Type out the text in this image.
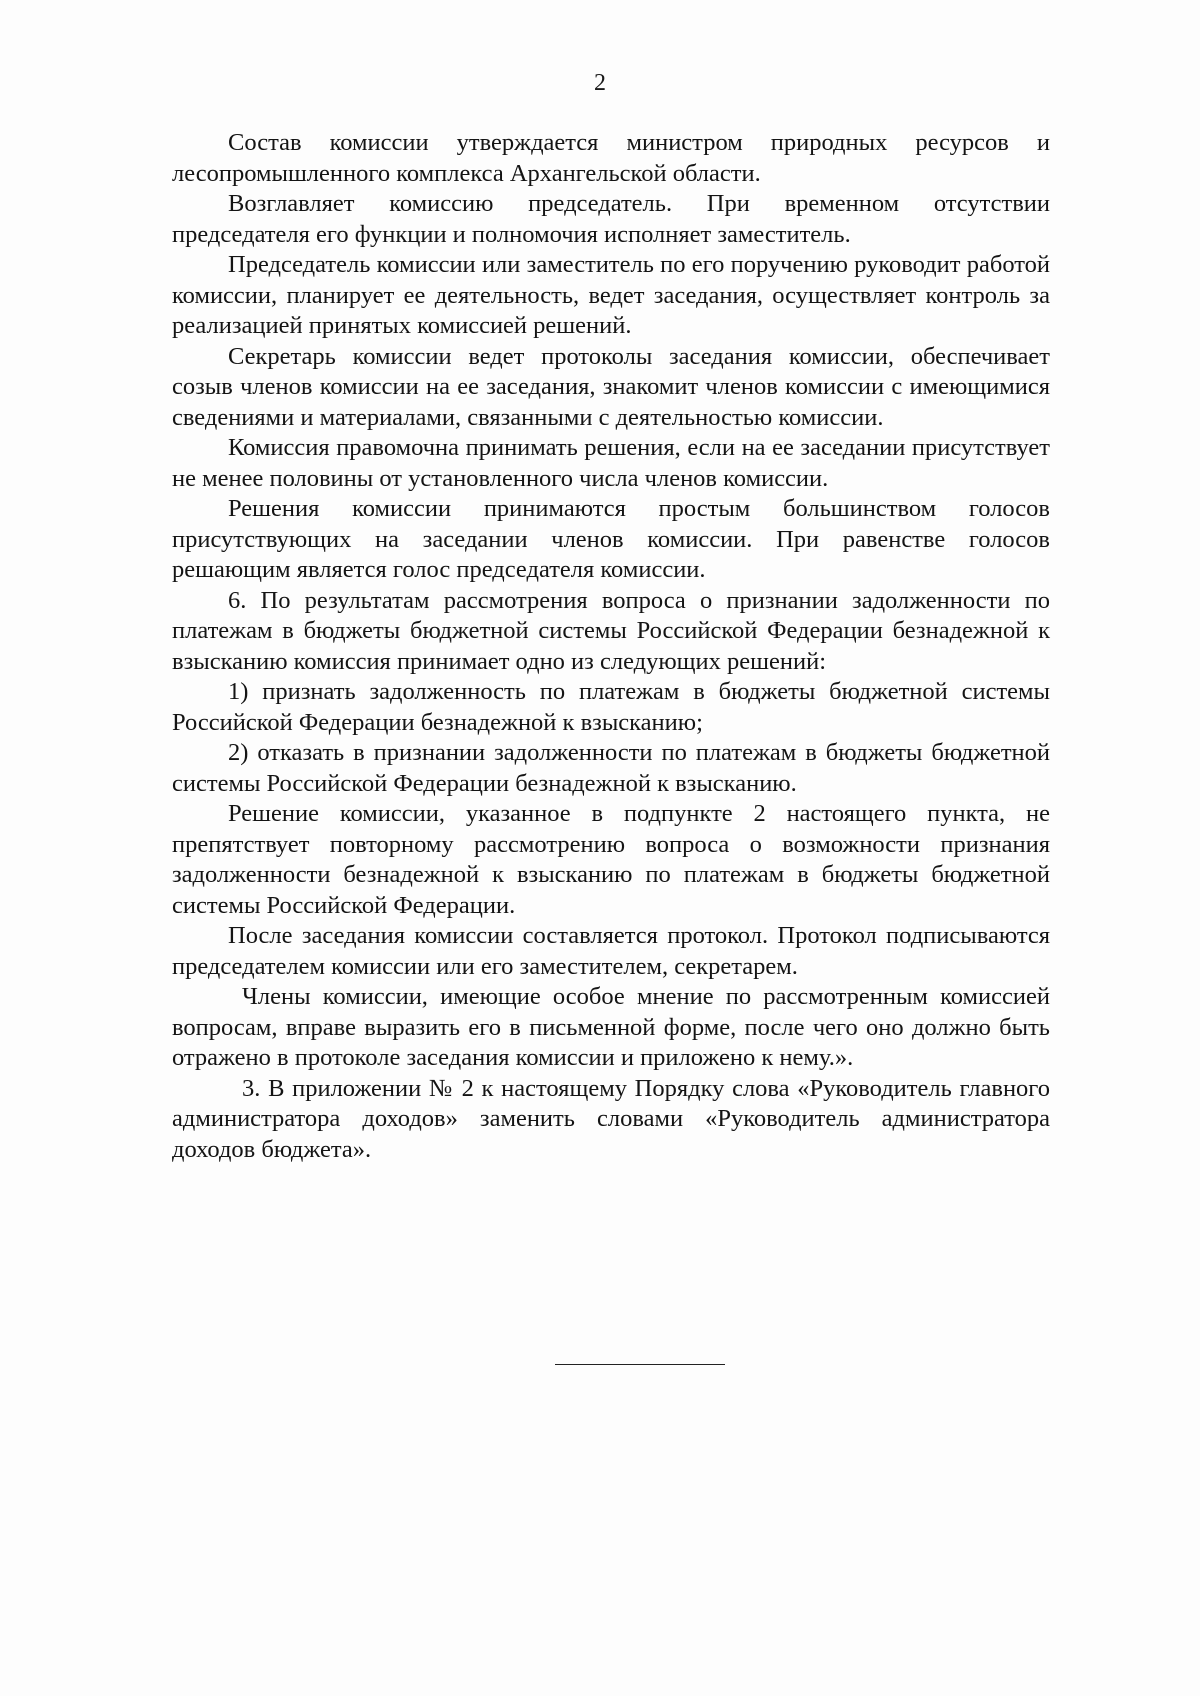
2

Состав комиссии утверждается министром природных ресурсов и лесопромышленного комплекса Архангельской области.

Возглавляет комиссию председатель. При временном отсутствии председателя его функции и полномочия исполняет заместитель.

Председатель комиссии или заместитель по его поручению руководит работой комиссии, планирует ее деятельность, ведет заседания, осуществляет контроль за реализацией принятых комиссией решений.

Секретарь комиссии ведет протоколы заседания комиссии, обеспечивает созыв членов комиссии на ее заседания, знакомит членов комиссии с имеющимися сведениями и материалами, связанными с деятельностью комиссии.

Комиссия правомочна принимать решения, если на ее заседании присутствует не менее половины от установленного числа членов комиссии.

Решения комиссии принимаются простым большинством голосов присутствующих на заседании членов комиссии. При равенстве голосов решающим является голос председателя комиссии.

6. По результатам рассмотрения вопроса о признании задолженности по платежам в бюджеты бюджетной системы Российской Федерации безнадежной к взысканию комиссия принимает одно из следующих решений:

1) признать задолженность по платежам в бюджеты бюджетной системы Российской Федерации безнадежной к взысканию;

2) отказать в признании задолженности по платежам в бюджеты бюджетной системы Российской Федерации безнадежной к взысканию.

Решение комиссии, указанное в подпункте 2 настоящего пункта, не препятствует повторному рассмотрению вопроса о возможности признания задолженности безнадежной к взысканию по платежам в бюджеты бюджетной системы Российской Федерации.

После заседания комиссии составляется протокол. Протокол подписываются председателем комиссии или его заместителем, секретарем.

Члены комиссии, имеющие особое мнение по рассмотренным комиссией вопросам, вправе выразить его в письменной форме, после чего оно должно быть отражено в протоколе заседания комиссии и приложено к нему.».

3. В приложении № 2 к настоящему Порядку слова «Руководитель главного администратора доходов» заменить словами «Руководитель администратора доходов бюджета».
